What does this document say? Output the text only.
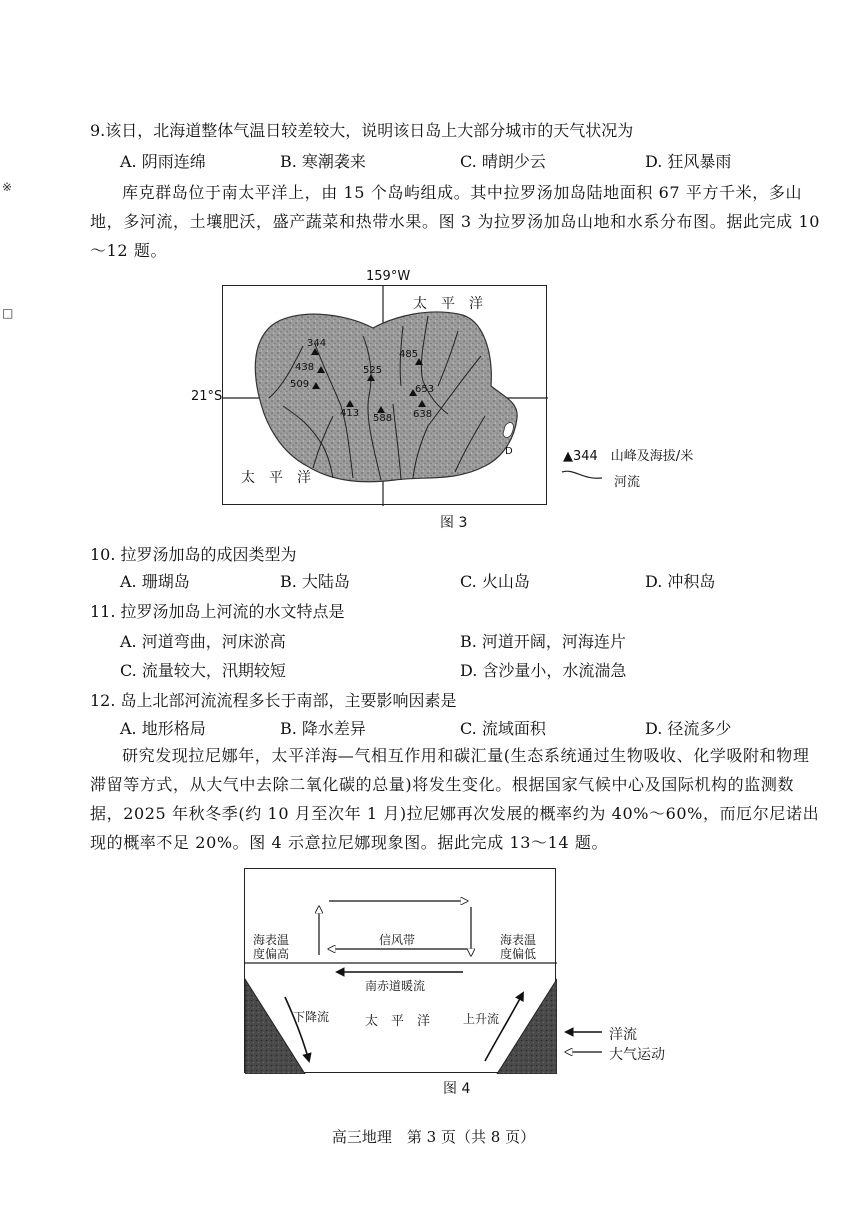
※
□
9.该日，北海道整体气温日较差较大，说明该日岛上大部分城市的天气状况为
A. 阴雨连绵	B. 寒潮袭来	C. 晴朗少云	D. 狂风暴雨
库克群岛位于南太平洋上，由 15 个岛屿组成。其中拉罗汤加岛陆地面积 67 平方千米，多山地，多河流，土壤肥沃，盛产蔬菜和热带水果。图 3 为拉罗汤加岛山地和水系分布图。据此完成 10～12 题。
159°W
21°S
344
438
509
525
485
653
413 588 638
太　平　洋
太　平　洋
D	▲344　山峰及海拔/米
河流
图 3
10. 拉罗汤加岛的成因类型为
A. 珊瑚岛	B. 大陆岛	C. 火山岛	D. 冲积岛
11. 拉罗汤加岛上河流的水文特点是
A. 河道弯曲，河床淤高	B. 河道开阔，河海连片
C. 流量较大，汛期较短	D. 含沙量小，水流湍急
12. 岛上北部河流流程多长于南部，主要影响因素是
A. 地形格局	B. 降水差异	C. 流域面积	D. 径流多少
研究发现拉尼娜年，太平洋海—气相互作用和碳汇量(生态系统通过生物吸收、化学吸附和物理滞留等方式，从大气中去除二氧化碳的总量)将发生变化。根据国家气候中心及国际机构的监测数据，2025 年秋冬季(约 10 月至次年 1 月)拉尼娜再次发展的概率约为 40%～60%，而厄尔尼诺出现的概率不足 20%。图 4 示意拉尼娜现象图。据此完成 13～14 题。
海表温
度偏高
海表温
度偏低
信风带
南赤道暖流
下降流	太　平　洋	上升流
洋流
大气运动
图 4
高三地理　第 3 页（共 8 页）
